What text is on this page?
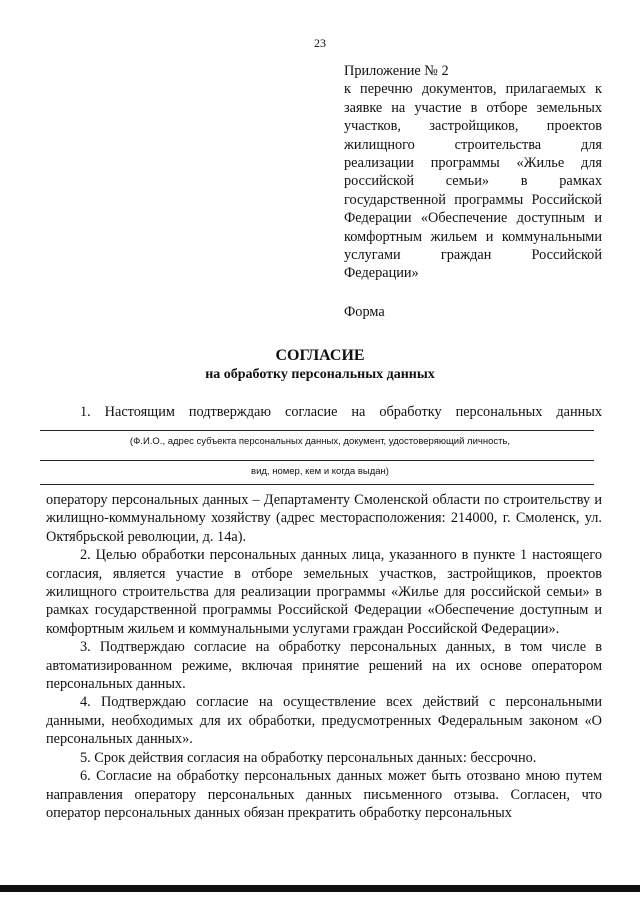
23

Приложение № 2

к перечню документов, прилагаемых к заявке на участие в отборе земельных участков, застройщиков, проектов жилищного строительства для реализации программы «Жилье для российской семьи» в рамках государственной программы Российской Федерации «Обеспечение доступным и комфортным жильем и коммунальными услугами граждан Российской Федерации»

Форма

СОГЛАСИЕ
на обработку персональных данных
1. Настоящим подтверждаю согласие на обработку персональных данных
(Ф.И.О., адрес субъекта персональных данных, документ, удостоверяющий личность,
вид, номер, кем и когда выдан)

оператору персональных данных – Департаменту Смоленской области по строительству и жилищно-коммунальному хозяйству (адрес месторасположения: 214000, г. Смоленск, ул. Октябрьской революции, д. 14а).

2. Целью обработки персональных данных лица, указанного в пункте 1 настоящего согласия, является участие в отборе земельных участков, застройщиков, проектов жилищного строительства для реализации программы «Жилье для российской семьи» в рамках государственной программы Российской Федерации «Обеспечение доступным и комфортным жильем и коммунальными услугами граждан Российской Федерации».

3. Подтверждаю согласие на обработку персональных данных, в том числе в автоматизированном режиме, включая принятие решений на их основе оператором персональных данных.

4. Подтверждаю согласие на осуществление всех действий с персональными данными, необходимых для их обработки, предусмотренных Федеральным законом «О персональных данных».

5. Срок действия согласия на обработку персональных данных: бессрочно.

6. Согласие на обработку персональных данных может быть отозвано мною путем направления оператору персональных данных письменного отзыва. Согласен, что оператор персональных данных обязан прекратить обработку персональных
